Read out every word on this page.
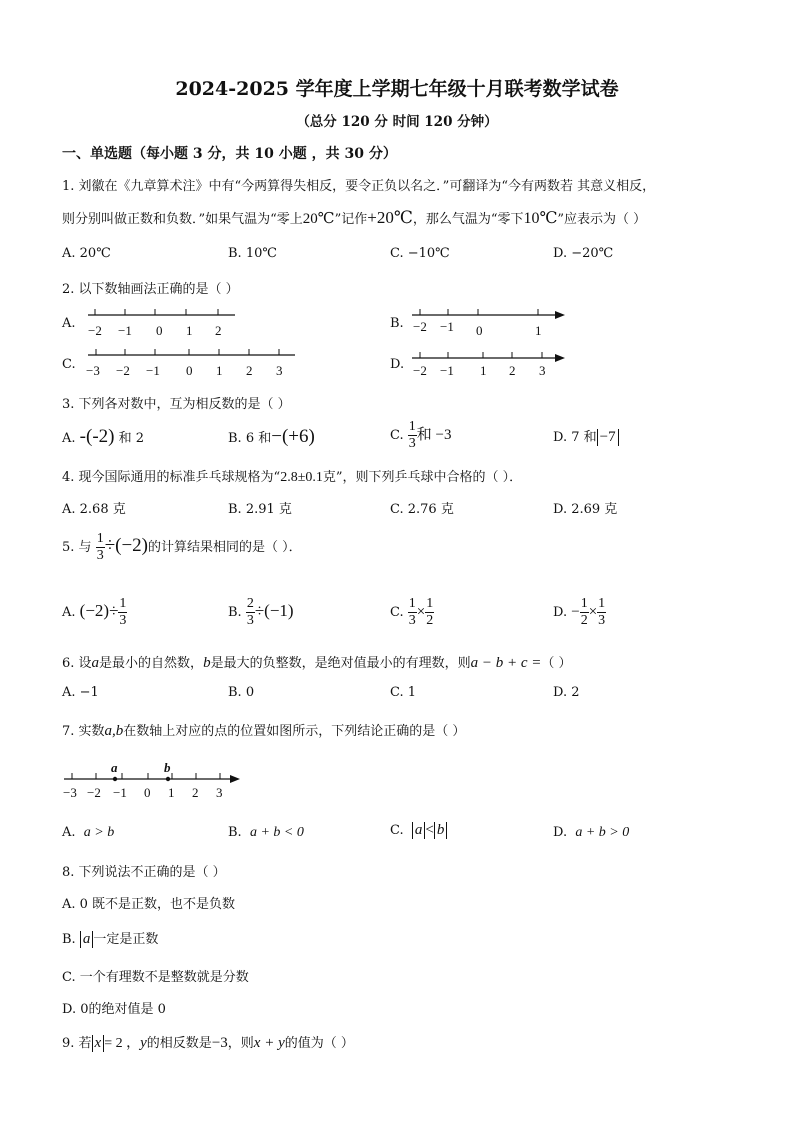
2024-2025 学年度上学期七年级十月联考数学试卷
（总分 120 分 时间 120 分钟）
一、单选题（每小题 3 分，共 10 小题 ，共 30 分）
1. 刘徽在《九章算术注》中有“今两算得失相反，要令正负以名之．”可翻译为“今有两数若 其意义相反，
则分别叫做正数和负数．”如果气温为“零上20℃”记作+20℃，那么气温为“零下10℃”应表示为（ ）
A. 20℃	B. 10℃	C. −10℃	D. −20℃
2. 以下数轴画法正确的是（ ）
A.	B.
C.	D.
−2 −1 0 1 2	−2 −1 0	1
−3 −2 −1 0 1 2 3	−2 −1 1 2 3
3. 下列各对数中，互为相反数的是（ ）
A. -(-2) 和 2	B. 6 和−(+6)	C. $\frac{1}{3}$ 和 −3	D. 7 和 −7
4. 现今国际通用的标准乒乓球规格为“2.8±0.1克”，则下列乒乓球中合格的（ ）．
A. 2.68 克	B. 2.91 克	C. 2.76 克	D. 2.69 克
5. 与 $\frac{1}{3} \div(-2)$的计算结果相同的是（ ）．
A. $(-2)\div \frac{1}{3}$	B. $\frac{2}{3} \div(-1)$	C. $\frac{1}{3} \times \frac{1}{2}$	D. − $\frac{1}{2} \times \frac{1}{3}$
6. 设a是最小的自然数，b是最大的负整数，是绝对值最小的有理数，则a − b + c =（ ）
A. −1	B. 0	C. 1	D. 2
7. 实数a,b在数轴上对应的点的位置如图所示，下列结论正确的是（ ）
a	b
−3 −2 −1 0 1 2 3
A. a > b	B. a + b < 0	C. a < b	D. a + b > 0
8. 下列说法不正确的是（ ）
A. 0 既不是正数，也不是负数
B. a 一定是正数
C. 一个有理数不是整数就是分数
D. 0的绝对值是 0
9. 若 x = 2 ，y的相反数是−3，则x + y的值为（ ）
